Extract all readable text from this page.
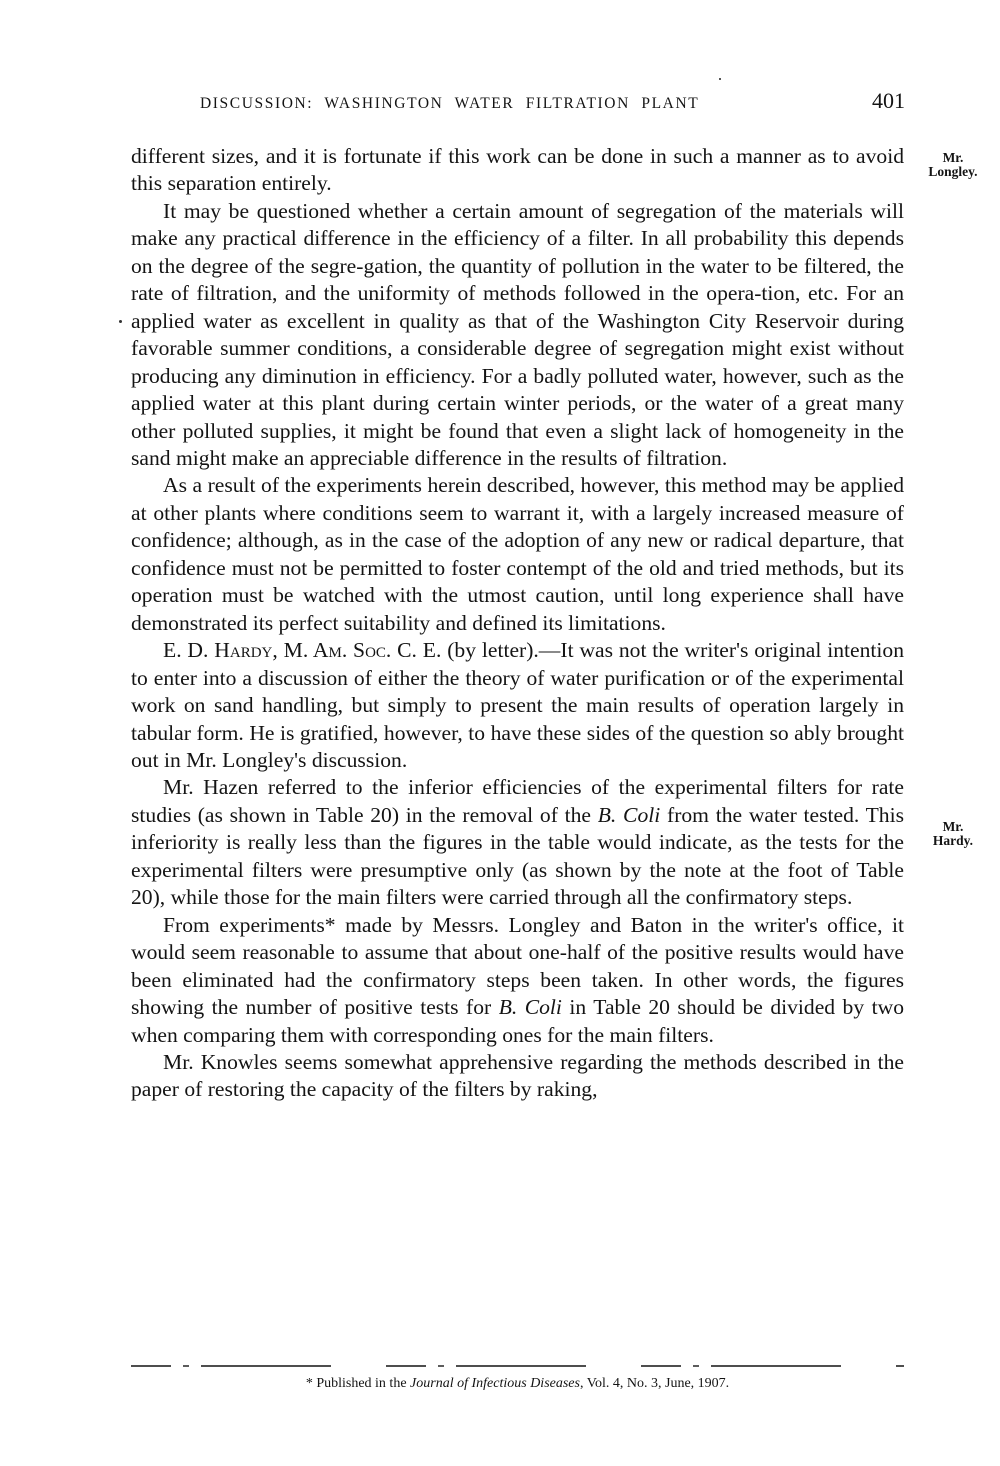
DISCUSSION: WASHINGTON WATER FILTRATION PLANT	401
Mr.
Longley.
Mr.
Hardy.

different sizes, and it is fortunate if this work can be done in such a manner as to avoid this separation entirely.

It may be questioned whether a certain amount of segregation of the materials will make any practical difference in the efficiency of a filter. In all probability this depends on the degree of the segre-gation, the quantity of pollution in the water to be filtered, the rate of filtration, and the uniformity of methods followed in the opera-tion, etc. For an applied water as excellent in quality as that of the Washington City Reservoir during favorable summer conditions, a considerable degree of segregation might exist without producing any diminution in efficiency. For a badly polluted water, however, such as the applied water at this plant during certain winter periods, or the water of a great many other polluted supplies, it might be found that even a slight lack of homogeneity in the sand might make an appreciable difference in the results of filtration.

As a result of the experiments herein described, however, this method may be applied at other plants where conditions seem to warrant it, with a largely increased measure of confidence; although, as in the case of the adoption of any new or radical departure, that confidence must not be permitted to foster contempt of the old and tried methods, but its operation must be watched with the utmost caution, until long experience shall have demonstrated its perfect suitability and defined its limitations.

E. D. Hardy, M. Am. Soc. C. E. (by letter).—It was not the writer's original intention to enter into a discussion of either the theory of water purification or of the experimental work on sand handling, but simply to present the main results of operation largely in tabular form. He is gratified, however, to have these sides of the question so ably brought out in Mr. Longley's discussion.

Mr. Hazen referred to the inferior efficiencies of the experimental filters for rate studies (as shown in Table 20) in the removal of the B. Coli from the water tested. This inferiority is really less than the figures in the table would indicate, as the tests for the experimental filters were presumptive only (as shown by the note at the foot of Table 20), while those for the main filters were carried through all the confirmatory steps.

From experiments* made by Messrs. Longley and Baton in the writer's office, it would seem reasonable to assume that about one-half of the positive results would have been eliminated had the confirmatory steps been taken. In other words, the figures showing the number of positive tests for B. Coli in Table 20 should be divided by two when comparing them with corresponding ones for the main filters.

Mr. Knowles seems somewhat apprehensive regarding the methods described in the paper of restoring the capacity of the filters by raking,

* Published in the Journal of Infectious Diseases, Vol. 4, No. 3, June, 1907.
